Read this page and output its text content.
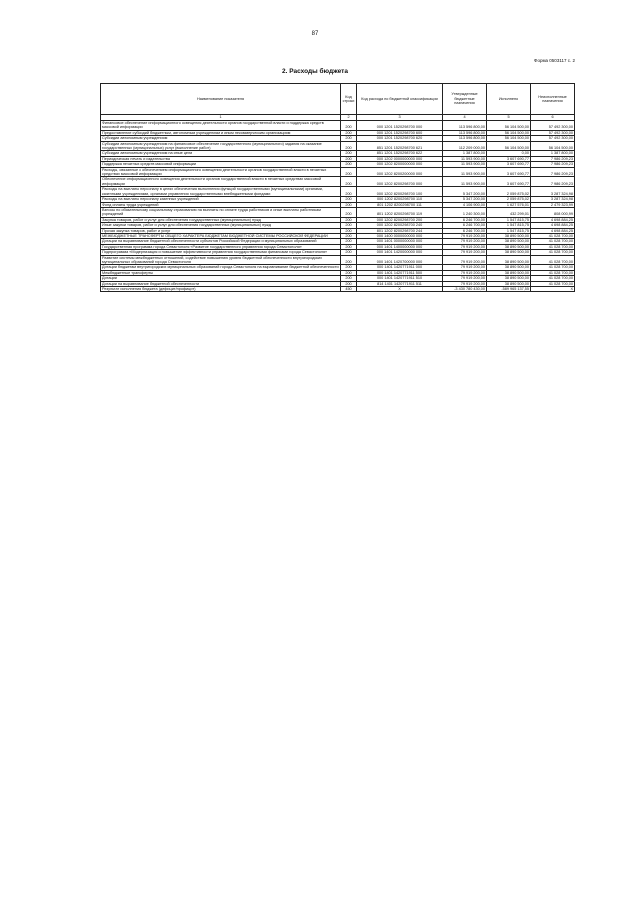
87
Форма 0503117 с. 2
2. Расходы бюджета
Наименование показателя	Код строки	Код расхода по бюджетной классификации	Утвержденные бюджетные назначения	Исполнено	Неисполненные назначения
1	2	3	4	5	6
Финансовое обеспечение информационного освещения деятельности органов государственной власти и поддержка средств массовой информации	200	000 1201 1520298700 000	113 596 800,00	56 104 500,00	57 492 300,00
Предоставление субсидий бюджетным, автономным учреждениям и иным некоммерческим организациям	200	000 1201 1520298700 600	113 596 800,00	56 104 500,00	57 492 300,00
Субсидии автономным учреждениям	200	000 1201 1520298700 620	113 596 800,00	56 104 500,00	57 492 300,00
Субсидии автономным учреждениям на финансовое обеспечение государственного (муниципального) задания на оказание государственных (муниципальных) услуг (выполнение работ)	200	851 1201 1520298700 621	112 209 000,00	56 104 500,00	56 104 500,00
Субсидии автономным учреждениям на иные цели	200	851 1201 1520298700 622	1 387 800,00	0,00	1 387 800,00
Периодическая печать и издательства	200	000 1202 0000000000 000	11 593 900,00	3 607 690,77	7 986 209,23
Поддержка печатных средств массовой информации	200	000 1202 8200000000 000	11 593 900,00	3 607 690,77	7 986 209,23
Расходы, связанные с обеспечением информационного освещения деятельности органов государственной власти в печатных средствах массовой информации	200	000 1202 8200200000 000	11 593 900,00	3 607 690,77	7 986 209,23
Обеспечение информационного освещения деятельности органов государственной власти в печатных средствах массовой информации	200	000 1202 8200298700 000	11 593 900,00	3 607 690,77	7 986 209,23
Расходы на выплаты персоналу в целях обеспечения выполнения функций государственными (муниципальными) органами, казенными учреждениями, органами управления государственными внебюджетными фондами	200	000 1202 8200298700 100	5 347 200,00	2 059 875,02	3 287 324,98
Расходы на выплаты персоналу казенных учреждений	200	000 1202 8200298700 110	5 347 200,00	2 059 875,02	3 287 324,98
Фонд оплаты труда учреждений	200	801 1202 8200298700 111	4 106 900,00	1 627 576,01	2 479 323,99
Взносы по обязательному социальному страхованию на выплаты по оплате труда работников и иные выплаты работникам учреждений	200	801 1202 8200298700 119	1 240 300,00	432 299,01	808 000,99
Закупка товаров, работ и услуг для обеспечения государственных (муниципальных) нужд	200	000 1202 8200298700 200	6 246 700,00	1 547 815,75	4 698 884,25
Иные закупки товаров, работ и услуг для обеспечения государственных (муниципальных) нужд	200	000 1202 8200298700 240	6 246 700,00	1 547 815,75	4 698 884,25
Прочая закупка товаров, работ и услуг	200	801 1202 8200298700 244	6 246 700,00	1 547 815,75	4 698 884,25
МЕЖБЮДЖЕТНЫЕ ТРАНСФЕРТЫ ОБЩЕГО ХАРАКТЕРА БЮДЖЕТАМ БЮДЖЕТНОЙ СИСТЕМЫ РОССИЙСКОЙ ФЕДЕРАЦИИ	200	000 1400 0000000000 000	79 919 200,00	38 890 500,00	41 028 700,00
Дотации на выравнивание бюджетной обеспеченности субъектов Российской Федерации и муниципальных образований	200	000 1401 0000000000 000	79 919 200,00	38 890 500,00	41 028 700,00
Государственная программа города Севастополя «Развитие государственного управления города Севастополя»	200	000 1401 1400000000 000	79 919 200,00	38 890 500,00	41 028 700,00
Подпрограмма «Модернизация и повышение эффективности управления государственными финансами города Севастополя»	200	000 1401 1420000000 000	79 919 200,00	38 890 500,00	41 028 700,00
Развитие системы межбюджетных отношений, содействие повышению уровня бюджетной обеспеченности внутригородских муниципальных образований города Севастополя	200	000 1401 1420700000 000	79 919 200,00	38 890 500,00	41 028 700,00
Дотации бюджетам внутригородских муниципальных образований города Севастополя на выравнивание бюджетной обеспеченности	200	000 1401 1420771911 000	79 919 200,00	38 890 500,00	41 028 700,00
Межбюджетные трансферты	200	000 1401 1420771911 500	79 919 200,00	38 890 500,00	41 028 700,00
Дотации	200	000 1401 1420771911 510	79 919 200,00	38 890 500,00	41 028 700,00
Дотации на выравнивание бюджетной обеспеченности	200	814 1401 1420771911 511	79 919 200,00	38 890 500,00	41 028 700,00
Результат исполнения бюджета (дефицит/профицит)	450	X	-3 430 780 430,00	-589 965 137,55	X
